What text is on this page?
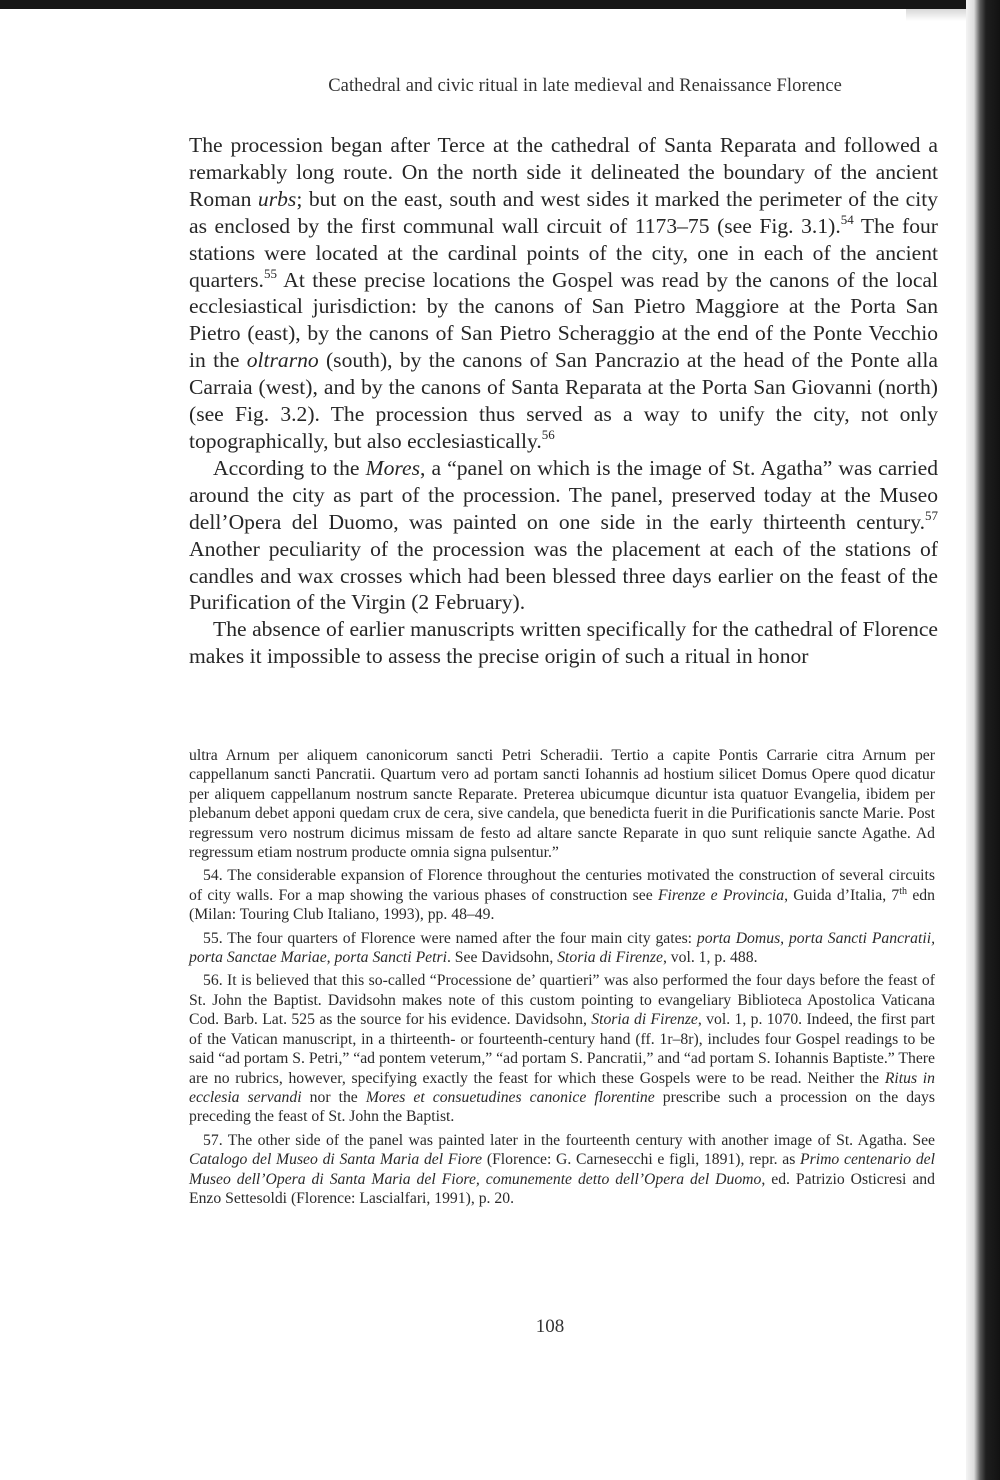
Cathedral and civic ritual in late medieval and Renaissance Florence

The procession began after Terce at the cathedral of Santa Reparata and followed a remarkably long route. On the north side it delineated the boundary of the ancient Roman urbs; but on the east, south and west sides it marked the perimeter of the city as enclosed by the first communal wall circuit of 1173–75 (see Fig. 3.1).$^{54}$ The four stations were located at the cardinal points of the city, one in each of the ancient quarters.$^{55}$ At these precise locations the Gospel was read by the canons of the local ecclesiastical jurisdiction: by the canons of San Pietro Maggiore at the Porta San Pietro (east), by the canons of San Pietro Scheraggio at the end of the Ponte Vecchio in the oltrarno (south), by the canons of San Pancrazio at the head of the Ponte alla Carraia (west), and by the canons of Santa Reparata at the Porta San Giovanni (north) (see Fig. 3.2). The procession thus served as a way to unify the city, not only topographically, but also ecclesiastically.$^{56}$

According to the Mores, a “panel on which is the image of St. Agatha” was carried around the city as part of the procession. The panel, preserved today at the Museo dell’Opera del Duomo, was painted on one side in the early thirteenth century.$^{57}$ Another peculiarity of the procession was the placement at each of the stations of candles and wax crosses which had been blessed three days earlier on the feast of the Purification of the Virgin (2 February).

The absence of earlier manuscripts written specifically for the cathedral of Florence makes it impossible to assess the precise origin of such a ritual in honor

ultra Arnum per aliquem canonicorum sancti Petri Scheradii. Tertio a capite Pontis Carrarie citra Arnum per cappellanum sancti Pancratii. Quartum vero ad portam sancti Iohannis ad hostium silicet Domus Opere quod dicatur per aliquem cappellanum nostrum sancte Reparate. Preterea ubicumque dicuntur ista quatuor Evangelia, ibidem per plebanum debet apponi quedam crux de cera, sive candela, que benedicta fuerit in die Purificationis sancte Marie. Post regressum vero nostrum dicimus missam de festo ad altare sancte Reparate in quo sunt reliquie sancte Agathe. Ad regressum etiam nostrum producte omnia signa pulsentur.”

54. The considerable expansion of Florence throughout the centuries motivated the construction of several circuits of city walls. For a map showing the various phases of construction see Firenze e Provincia, Guida d’Italia, 7th edn (Milan: Touring Club Italiano, 1993), pp. 48–49.

55. The four quarters of Florence were named after the four main city gates: porta Domus, porta Sancti Pancratii, porta Sanctae Mariae, porta Sancti Petri. See Davidsohn, Storia di Firenze, vol. 1, p. 488.

56. It is believed that this so-called “Processione de’ quartieri” was also performed the four days before the feast of St. John the Baptist. Davidsohn makes note of this custom pointing to evangeliary Biblioteca Apostolica Vaticana Cod. Barb. Lat. 525 as the source for his evidence. Davidsohn, Storia di Firenze, vol. 1, p. 1070. Indeed, the first part of the Vatican manuscript, in a thirteenth- or fourteenth-century hand (ff. 1r–8r), includes four Gospel readings to be said “ad portam S. Petri,” “ad pontem veterum,” “ad portam S. Pancratii,” and “ad portam S. Iohannis Baptiste.” There are no rubrics, however, specifying exactly the feast for which these Gospels were to be read. Neither the Ritus in ecclesia servandi nor the Mores et consuetudines canonice florentine prescribe such a procession on the days preceding the feast of St. John the Baptist.

57. The other side of the panel was painted later in the fourteenth century with another image of St. Agatha. See Catalogo del Museo di Santa Maria del Fiore (Florence: G. Carnesecchi e figli, 1891), repr. as Primo centenario del Museo dell’Opera di Santa Maria del Fiore, comunemente detto dell’Opera del Duomo, ed. Patrizio Osticresi and Enzo Settesoldi (Florence: Lascialfari, 1991), p. 20.

108
